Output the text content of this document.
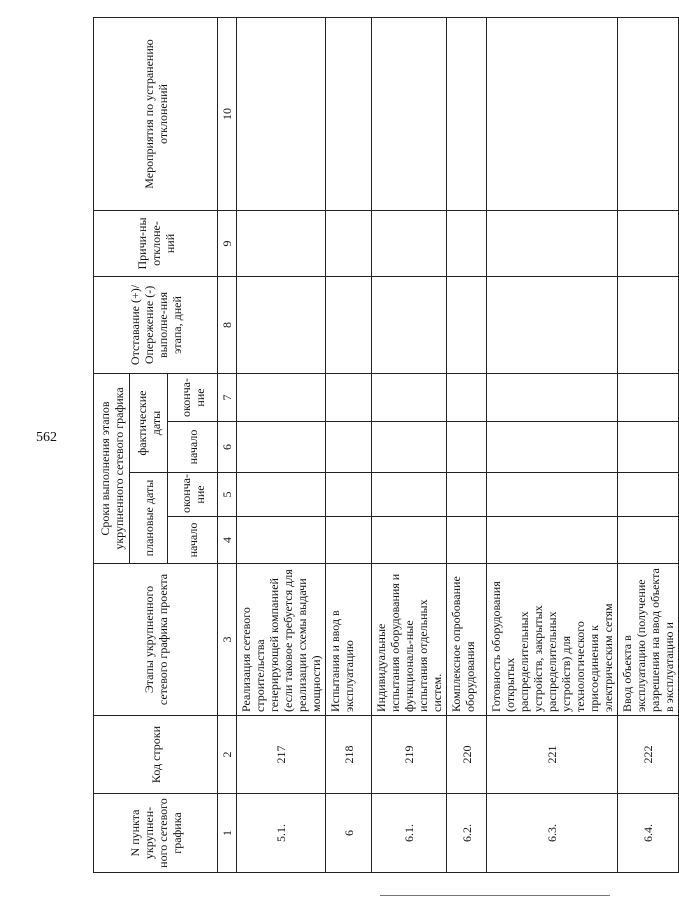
562
N пункта укрупнен-ного сетевого графика	Код строки	Этапы укрупненного сетевого графика проекта	Сроки выполнения этапов укрупненного сетевого графика				Отставание (+)/ Опережение (-) выполне-ния этапа, дней	Причи-ны отклоне-ний	Мероприятия по устранению отклонений
			плановые даты		фактические даты				
			начало	оконча-ние	начало	оконча-ние			
1	2	3	4	5	6	7	8	9	10
5.1.	217	Реализация сетевого строительства генерирующей компанией (если таковое требуется для реализации схемы выдачи мощности)							
6	218	Испытания и ввод в эксплуатацию							
6.1.	219	Индивидуальные испытания оборудования и функциональ-ные испытания отдельных систем.							
6.2.	220	Комплексное опробование оборудования							
6.3.	221	Готовность оборудования (открытых распределительных устройств, закрытых распределительных устройств) для технологического присоединения к электрическим сетям							
6.4.	222	Ввод объекта в эксплуатацию (получение разрешения на ввод объекта в эксплуатацию и							
